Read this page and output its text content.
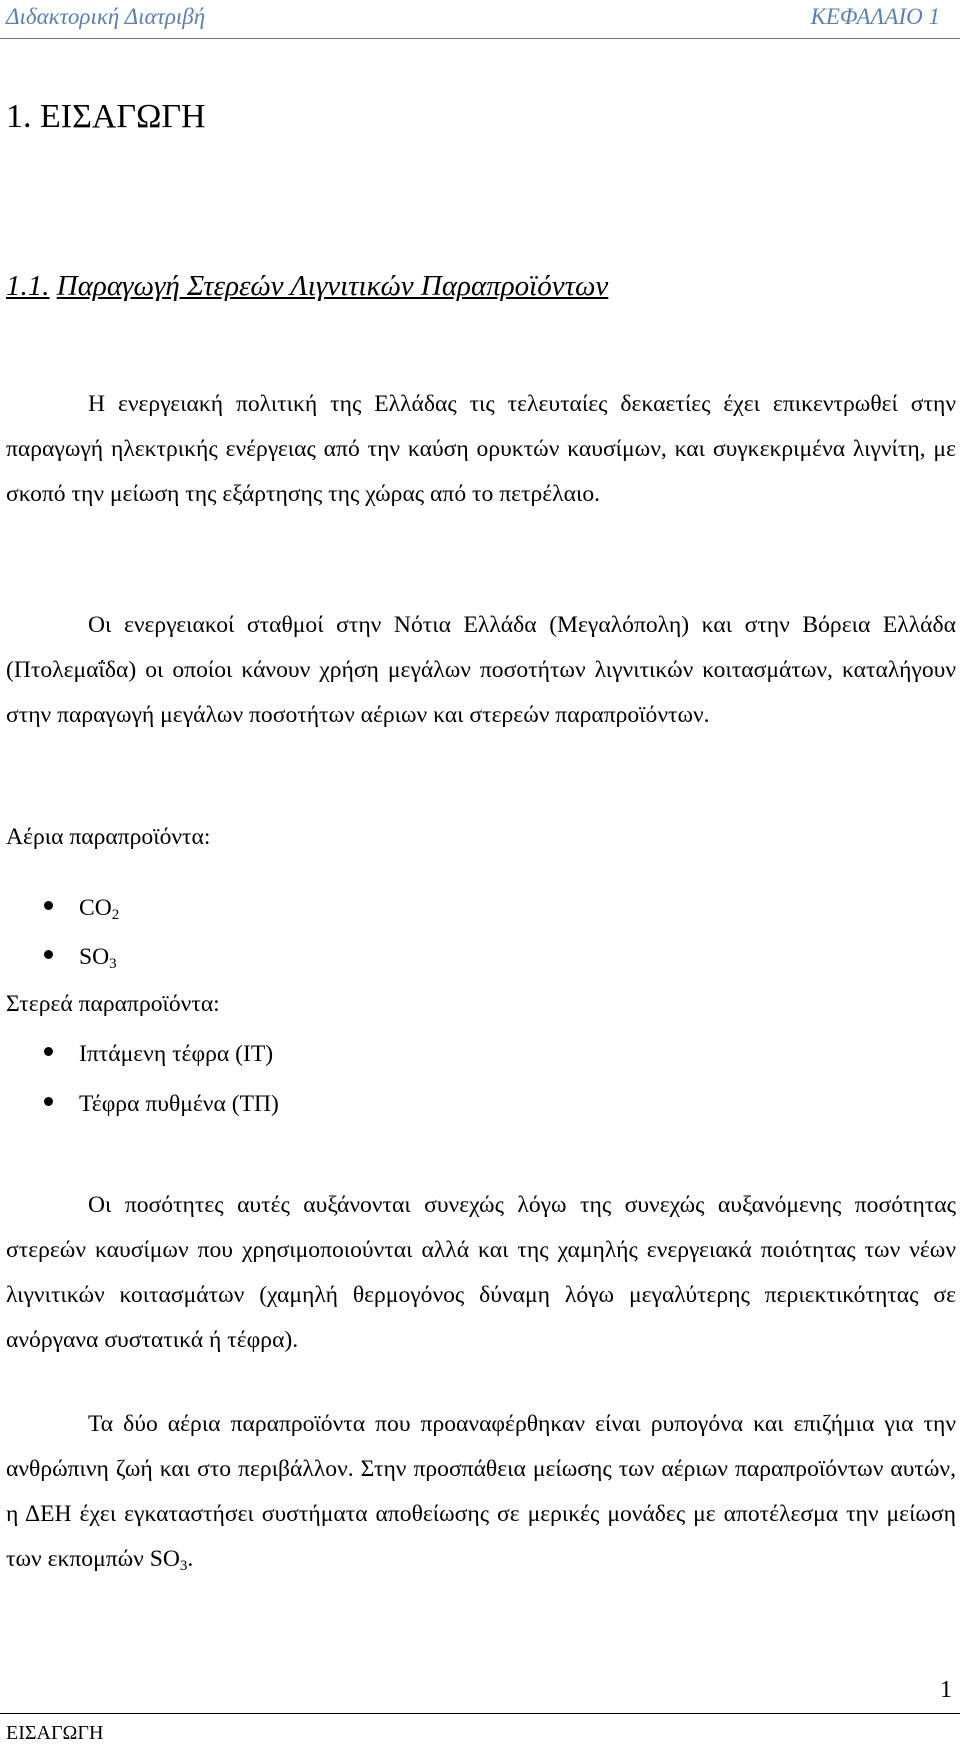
Διδακτορική Διατριβή	ΚΕΦΑΛΑΙΟ 1
1. ΕΙΣΑΓΩΓΗ
1.1. Παραγωγή Στερεών Λιγνιτικών Παραπροϊόντων

Η ενεργειακή πολιτική της Ελλάδας τις τελευταίες δεκαετίες έχει επικεντρωθεί στην παραγωγή ηλεκτρικής ενέργειας από την καύση ορυκτών καυσίμων, και συγκεκριμένα λιγνίτη, με σκοπό την μείωση της εξάρτησης της χώρας από το πετρέλαιο.

Οι ενεργειακοί σταθμοί στην Νότια Ελλάδα (Μεγαλόπολη) και στην Βόρεια Ελλάδα (Πτολεμαΐδα) οι οποίοι κάνουν χρήση μεγάλων ποσοτήτων λιγνιτικών κοιτασμάτων, καταλήγουν στην παραγωγή μεγάλων ποσοτήτων αέριων και στερεών παραπροϊόντων.

Αέρια παραπροϊόντα:

$CO_2$
$SO_3$

Στερεά παραπροϊόντα:

Ιπτάμενη τέφρα (ΙΤ)
Τέφρα πυθμένα (ΤΠ)

Οι ποσότητες αυτές αυξάνονται συνεχώς λόγω της συνεχώς αυξανόμενης ποσότητας στερεών καυσίμων που χρησιμοποιούνται αλλά και της χαμηλής ενεργειακά ποιότητας των νέων λιγνιτικών κοιτασμάτων (χαμηλή θερμογόνος δύναμη λόγω μεγαλύτερης περιεκτικότητας σε ανόργανα συστατικά ή τέφρα).

Τα δύο αέρια παραπροϊόντα που προαναφέρθηκαν είναι ρυπογόνα και επιζήμια για την ανθρώπινη ζωή και στο περιβάλλον. Στην προσπάθεια μείωσης των αέριων παραπροϊόντων αυτών, η ΔΕΗ έχει εγκαταστήσει συστήματα αποθείωσης σε μερικές μονάδες με αποτέλεσμα την μείωση των εκπομπών $SO_3$.

1
ΕΙΣΑΓΩΓΗ
